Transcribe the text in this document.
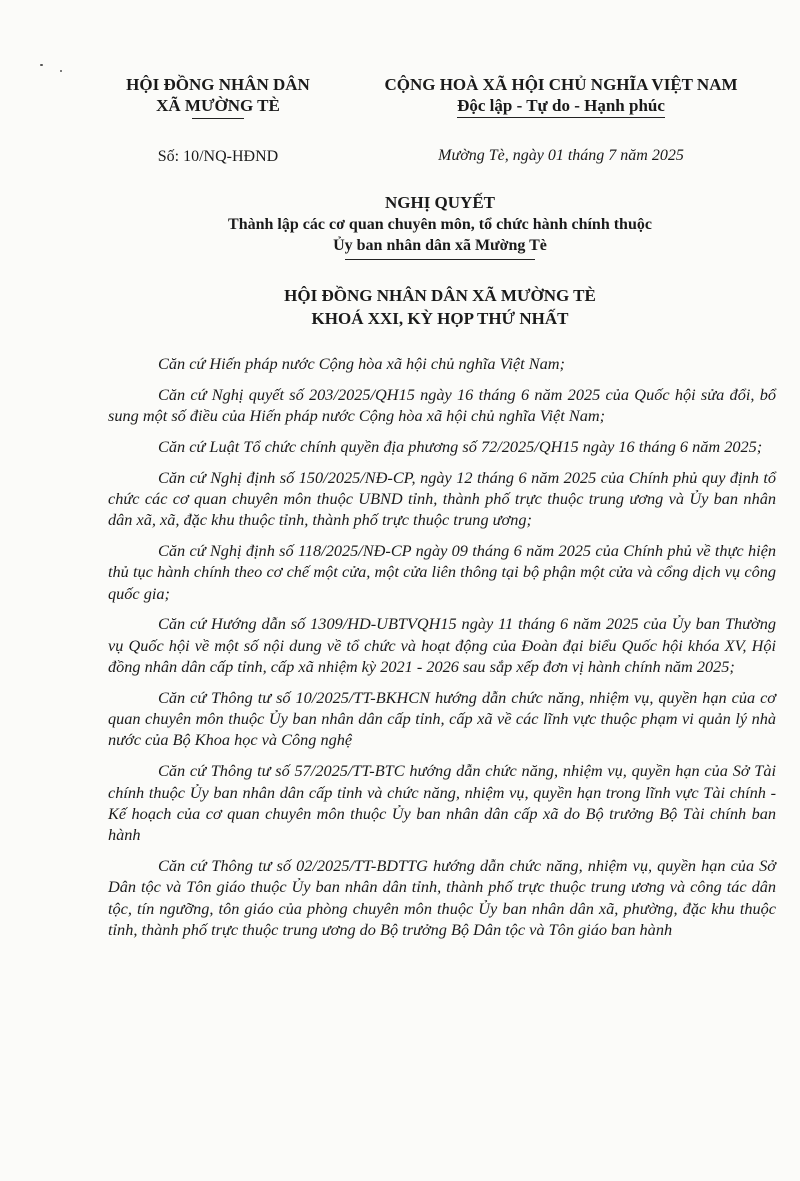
HỘI ĐỒNG NHÂN DÂN
XÃ MƯỜNG TÈ
CỘNG HOÀ XÃ HỘI CHỦ NGHĨA VIỆT NAM
Độc lập - Tự do - Hạnh phúc
Số: 10/NQ-HĐND	Mường Tè, ngày 01 tháng 7 năm 2025
NGHỊ QUYẾT
Thành lập các cơ quan chuyên môn, tổ chức hành chính thuộc
Ủy ban nhân dân xã Mường Tè
HỘI ĐỒNG NHÂN DÂN XÃ MƯỜNG TÈ
KHOÁ XXI, KỲ HỌP THỨ NHẤT

Căn cứ Hiến pháp nước Cộng hòa xã hội chủ nghĩa Việt Nam;

Căn cứ Nghị quyết số 203/2025/QH15 ngày 16 tháng 6 năm 2025 của Quốc hội sửa đổi, bổ sung một số điều của Hiến pháp nước Cộng hòa xã hội chủ nghĩa Việt Nam;

Căn cứ Luật Tổ chức chính quyền địa phương số 72/2025/QH15 ngày 16 tháng 6 năm 2025;

Căn cứ Nghị định số 150/2025/NĐ-CP, ngày 12 tháng 6 năm 2025 của Chính phủ quy định tổ chức các cơ quan chuyên môn thuộc UBND tỉnh, thành phố trực thuộc trung ương và Ủy ban nhân dân xã, xã, đặc khu thuộc tỉnh, thành phố trực thuộc trung ương;

Căn cứ Nghị định số 118/2025/NĐ-CP ngày 09 tháng 6 năm 2025 của Chính phủ về thực hiện thủ tục hành chính theo cơ chế một cửa, một cửa liên thông tại bộ phận một cửa và cổng dịch vụ công quốc gia;

Căn cứ Hướng dẫn số 1309/HD-UBTVQH15 ngày 11 tháng 6 năm 2025 của Ủy ban Thường vụ Quốc hội về một số nội dung về tổ chức và hoạt động của Đoàn đại biểu Quốc hội khóa XV, Hội đồng nhân dân cấp tỉnh, cấp xã nhiệm kỳ 2021 - 2026 sau sắp xếp đơn vị hành chính năm 2025;

Căn cứ Thông tư số 10/2025/TT-BKHCN hướng dẫn chức năng, nhiệm vụ, quyền hạn của cơ quan chuyên môn thuộc Ủy ban nhân dân cấp tỉnh, cấp xã về các lĩnh vực thuộc phạm vi quản lý nhà nước của Bộ Khoa học và Công nghệ

Căn cứ Thông tư số 57/2025/TT-BTC hướng dẫn chức năng, nhiệm vụ, quyền hạn của Sở Tài chính thuộc Ủy ban nhân dân cấp tỉnh và chức năng, nhiệm vụ, quyền hạn trong lĩnh vực Tài chính - Kế hoạch của cơ quan chuyên môn thuộc Ủy ban nhân dân cấp xã do Bộ trưởng Bộ Tài chính ban hành

Căn cứ Thông tư số 02/2025/TT-BDTTG hướng dẫn chức năng, nhiệm vụ, quyền hạn của Sở Dân tộc và Tôn giáo thuộc Ủy ban nhân dân tỉnh, thành phố trực thuộc trung ương và công tác dân tộc, tín ngưỡng, tôn giáo của phòng chuyên môn thuộc Ủy ban nhân dân xã, phường, đặc khu thuộc tỉnh, thành phố trực thuộc trung ương do Bộ trưởng Bộ Dân tộc và Tôn giáo ban hành
